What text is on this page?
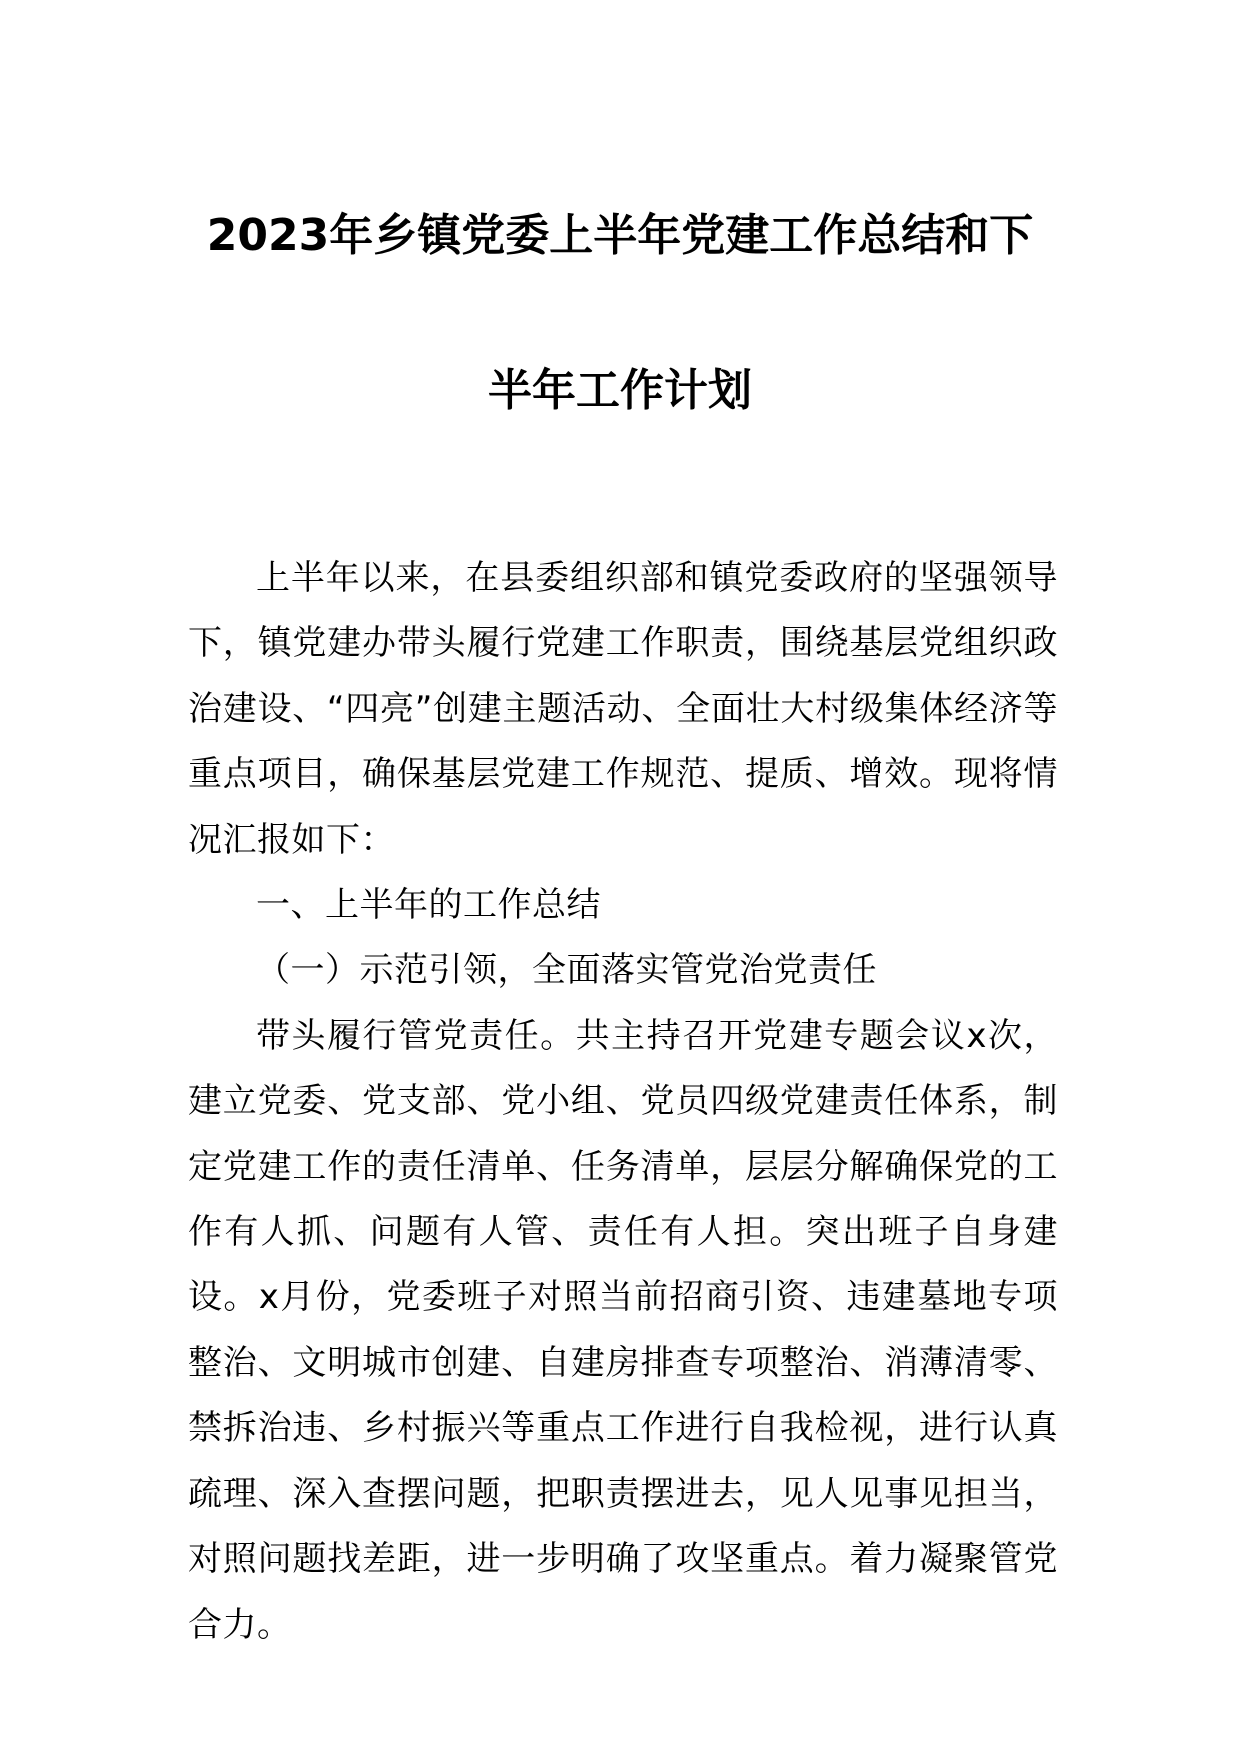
2023年乡镇党委上半年党建工作总结和下
半年工作计划

上半年以来，在县委组织部和镇党委政府的坚强领导下，镇党建办带头履行党建工作职责，围绕基层党组织政治建设、“四亮”创建主题活动、全面壮大村级集体经济等重点项目，确保基层党建工作规范、提质、增效。现将情况汇报如下：

一、上半年的工作总结

（一）示范引领，全面落实管党治党责任

带头履行管党责任。共主持召开党建专题会议x次，建立党委、党支部、党小组、党员四级党建责任体系，制定党建工作的责任清单、任务清单，层层分解确保党的工作有人抓、问题有人管、责任有人担。突出班子自身建设。x月份，党委班子对照当前招商引资、违建墓地专项整治、文明城市创建、自建房排查专项整治、消薄清零、禁拆治违、乡村振兴等重点工作进行自我检视，进行认真疏理、深入查摆问题，把职责摆进去，见人见事见担当，对照问题找差距，进一步明确了攻坚重点。着力凝聚管党合力。
